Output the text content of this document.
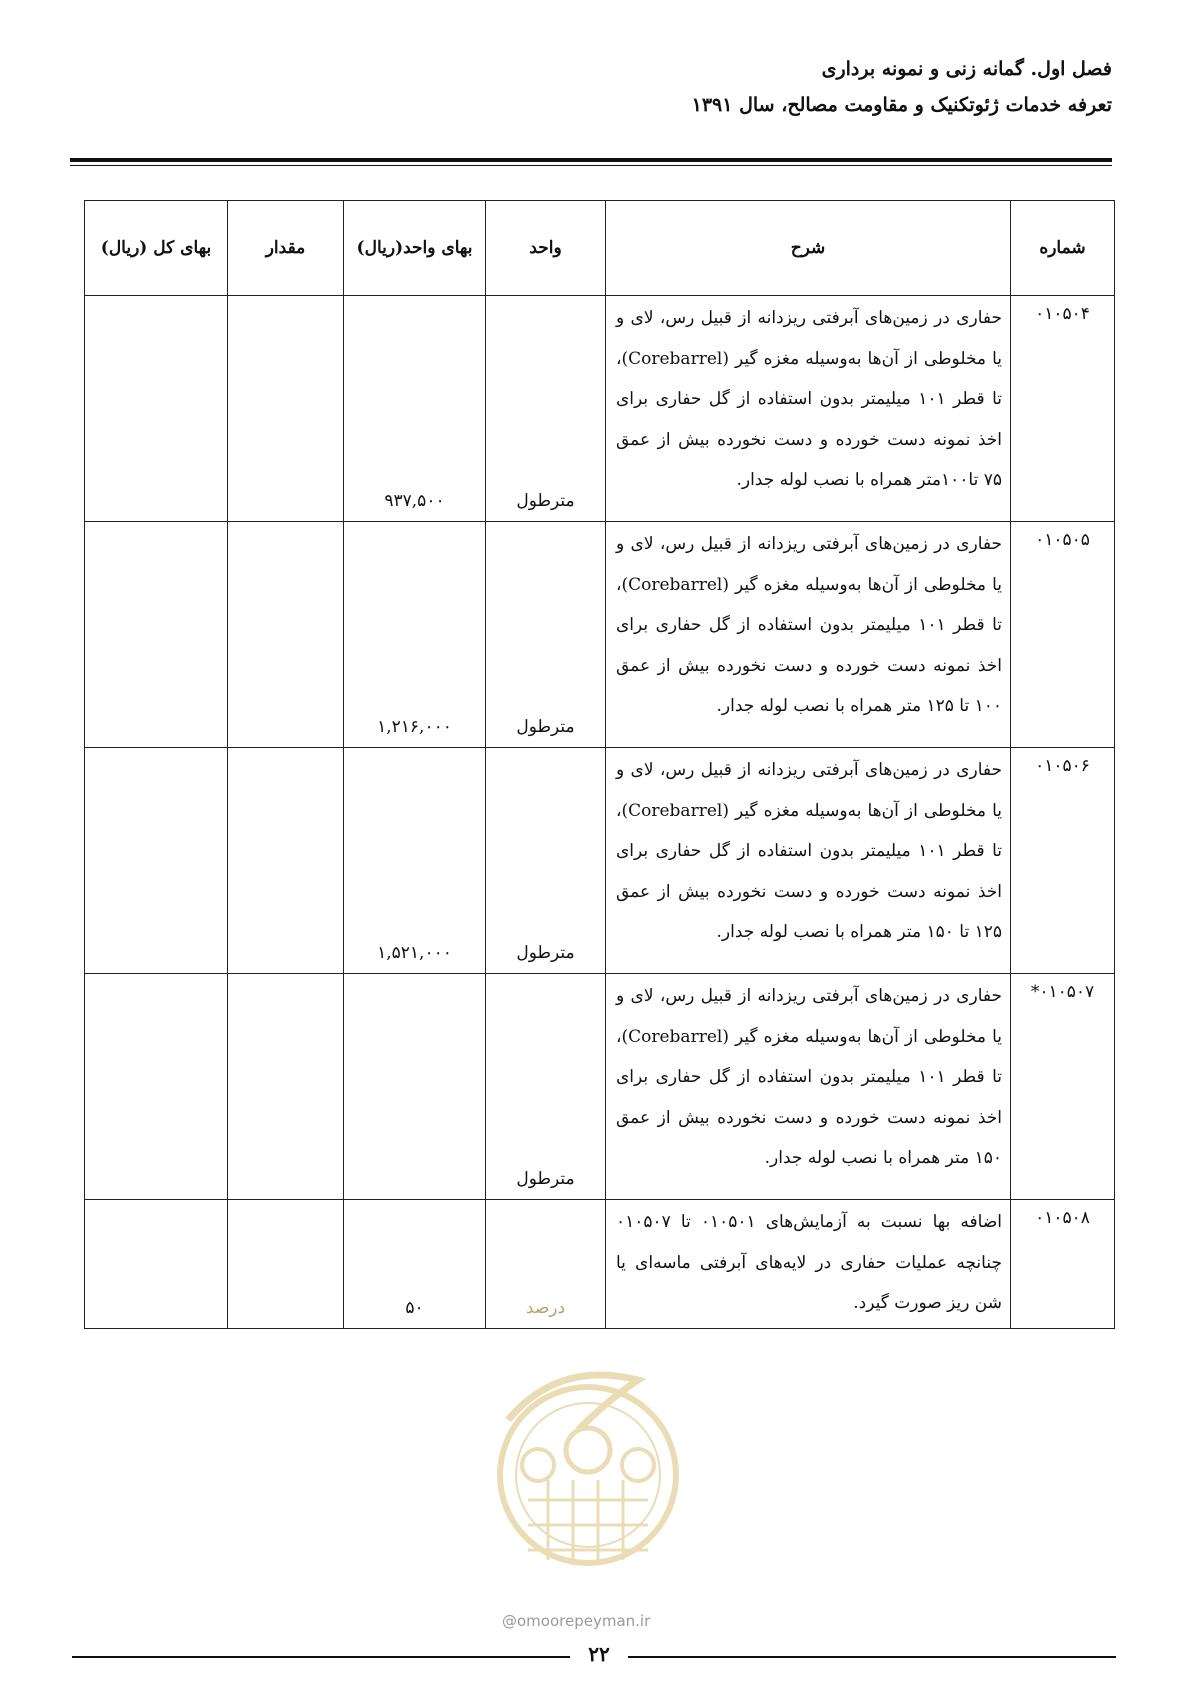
فصل اول. گمانه زنی و نمونه برداری
تعرفه خدمات ژئوتکنیک و مقاومت مصالح، سال ۱۳۹۱
شماره	شرح	واحد	بهای واحد(ریال)	مقدار	بهای کل (ریال)
۰۱۰۵۰۴	حفاری در زمین‌های آبرفتی ریزدانه از قبیل رس، لای و یا مخلوطی از آن‌ها به‌وسیله مغزه گیر (Corebarrel)، تا قطر ۱۰۱ میلیمتر بدون استفاده از گل حفاری برای اخذ نمونه دست خورده و دست نخورده بیش از عمق ۷۵ تا۱۰۰متر همراه با نصب لوله جدار.	مترطول	۹۳۷,۵۰۰		
۰۱۰۵۰۵	حفاری در زمین‌های آبرفتی ریزدانه از قبیل رس، لای و یا مخلوطی از آن‌ها به‌وسیله مغزه گیر (Corebarrel)، تا قطر ۱۰۱ میلیمتر بدون استفاده از گل حفاری برای اخذ نمونه دست خورده و دست نخورده بیش از عمق ۱۰۰ تا ۱۲۵ متر همراه با نصب لوله جدار.	مترطول	۱,۲۱۶,۰۰۰		
۰۱۰۵۰۶	حفاری در زمین‌های آبرفتی ریزدانه از قبیل رس، لای و یا مخلوطی از آن‌ها به‌وسیله مغزه گیر (Corebarrel)، تا قطر ۱۰۱ میلیمتر بدون استفاده از گل حفاری برای اخذ نمونه دست خورده و دست نخورده بیش از عمق ۱۲۵ تا ۱۵۰ متر همراه با نصب لوله جدار.	مترطول	۱,۵۲۱,۰۰۰		
۰۱۰۵۰۷*	حفاری در زمین‌های آبرفتی ریزدانه از قبیل رس، لای و یا مخلوطی از آن‌ها به‌وسیله مغزه گیر (Corebarrel)، تا قطر ۱۰۱ میلیمتر بدون استفاده از گل حفاری برای اخذ نمونه دست خورده و دست نخورده بیش از عمق ۱۵۰ متر همراه با نصب لوله جدار.	مترطول			
۰۱۰۵۰۸	اضافه بها نسبت به آزمایش‌های ۰۱۰۵۰۱ تا ۰۱۰۵۰۷ چنانچه عملیات حفاری در لایه‌های آبرفتی ماسه‌ای یا شن ریز صورت گیرد.	درصد	۵۰		
@omoorepeyman.ir
۲۲
